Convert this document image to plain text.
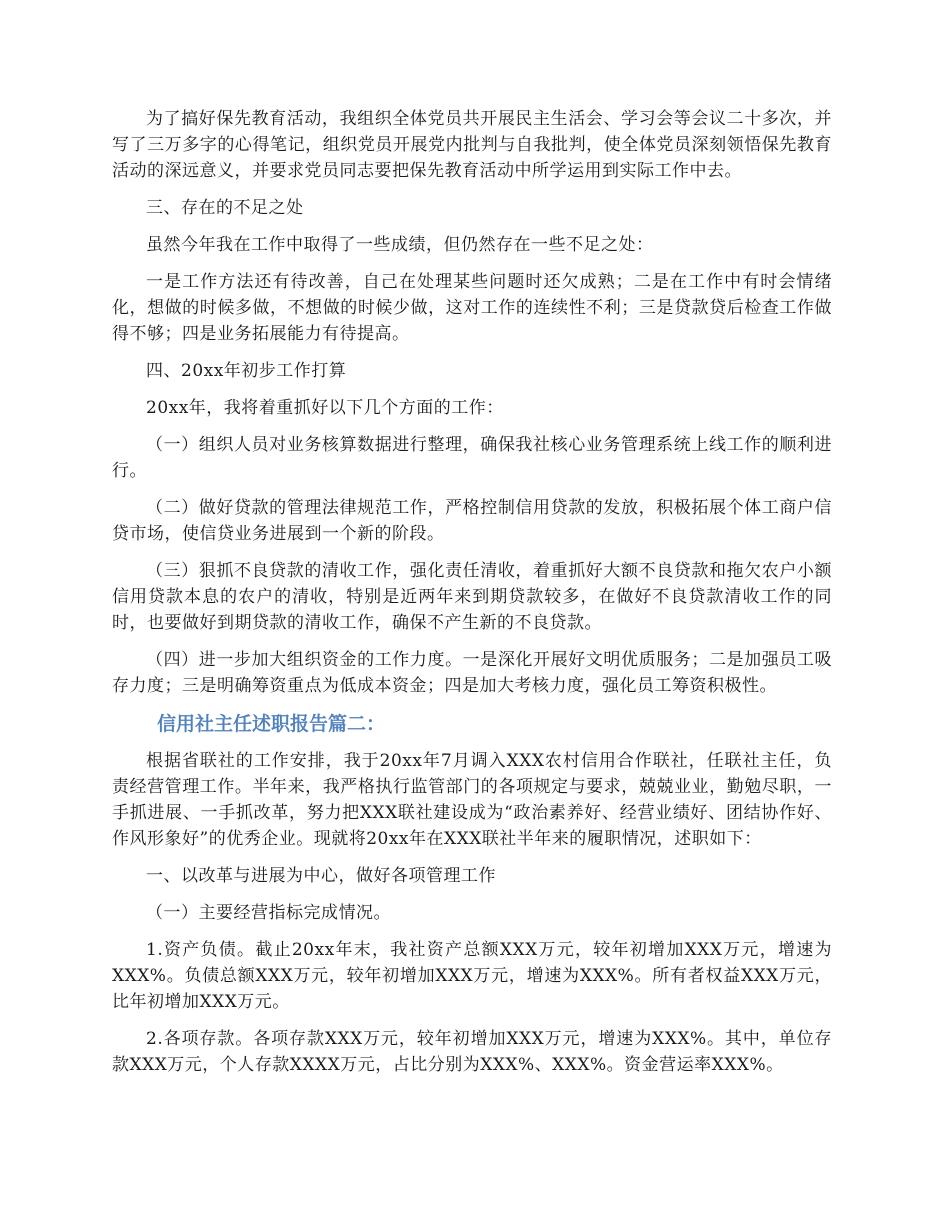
为了搞好保先教育活动，我组织全体党员共开展民主生活会、学习会等会议二十多次，并写了三万多字的心得笔记，组织党员开展党内批判与自我批判，使全体党员深刻领悟保先教育活动的深远意义，并要求党员同志要把保先教育活动中所学运用到实际工作中去。

三、存在的不足之处

虽然今年我在工作中取得了一些成绩，但仍然存在一些不足之处：

一是工作方法还有待改善，自己在处理某些问题时还欠成熟；二是在工作中有时会情绪化，想做的时候多做，不想做的时候少做，这对工作的连续性不利；三是贷款贷后检查工作做得不够；四是业务拓展能力有待提高。

四、20xx年初步工作打算

20xx年，我将着重抓好以下几个方面的工作：

（一）组织人员对业务核算数据进行整理，确保我社核心业务管理系统上线工作的顺利进行。

（二）做好贷款的管理法律规范工作，严格控制信用贷款的发放，积极拓展个体工商户信贷市场，使信贷业务进展到一个新的阶段。

（三）狠抓不良贷款的清收工作，强化责任清收，着重抓好大额不良贷款和拖欠农户小额信用贷款本息的农户的清收，特别是近两年来到期贷款较多，在做好不良贷款清收工作的同时，也要做好到期贷款的清收工作，确保不产生新的不良贷款。

（四）进一步加大组织资金的工作力度。一是深化开展好文明优质服务；二是加强员工吸存力度；三是明确筹资重点为低成本资金；四是加大考核力度，强化员工筹资积极性。

信用社主任述职报告篇二：

根据省联社的工作安排，我于20xx年7月调入XXX农村信用合作联社，任联社主任，负责经营管理工作。半年来，我严格执行监管部门的各项规定与要求，兢兢业业，勤勉尽职，一手抓进展、一手抓改革，努力把XXX联社建设成为“政治素养好、经营业绩好、团结协作好、作风形象好”的优秀企业。现就将20xx年在XXX联社半年来的履职情况，述职如下：

一、以改革与进展为中心，做好各项管理工作

（一）主要经营指标完成情况。

1.资产负债。截止20xx年末，我社资产总额XXX万元，较年初增加XXX万元，增速为XXX%。负债总额XXX万元，较年初增加XXX万元，增速为XXX%。所有者权益XXX万元，比年初增加XXX万元。

2.各项存款。各项存款XXX万元，较年初增加XXX万元，增速为XXX%。其中，单位存款XXX万元，个人存款XXXX万元，占比分别为XXX%、XXX%。资金营运率XXX%。
